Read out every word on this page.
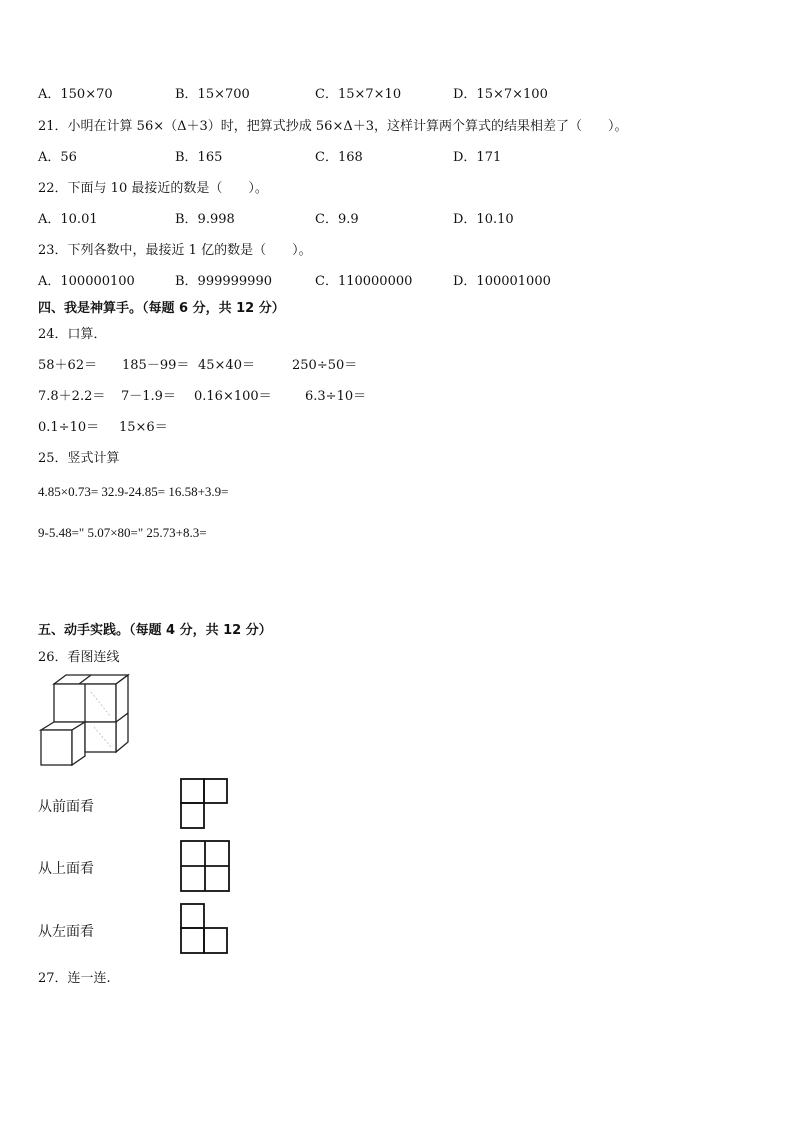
A．150×70	B．15×700	C．15×7×10	D．15×7×100
21．小明在计算 56×（Δ＋3）时，把算式抄成 56×Δ＋3，这样计算两个算式的结果相差了（　　）。
A．56	B．165	C．168	D．171
22．下面与 10 最接近的数是（　　）。
A．10.01	B．9.998	C．9.9	D．10.10
23．下列各数中，最接近 1 亿的数是（　　）。
A．100000100	B．999999990	C．110000000	D．100001000
四、我是神算手。（每题 6 分，共 12 分）
24．口算．
58＋62＝ 185－99＝ 45×40＝	250÷50＝
7.8＋2.2＝ 7－1.9＝ 0.16×100＝	6.3÷10＝
0.1÷10＝ 15×6＝
25．竖式计算
4.85×0.73= 32.9-24.85= 16.58+3.9=
9-5.48=" 5.07×80=" 25.73+8.3=
五、动手实践。（每题 4 分，共 12 分）
26．看图连线
从前面看
从上面看
从左面看
27．连一连.
